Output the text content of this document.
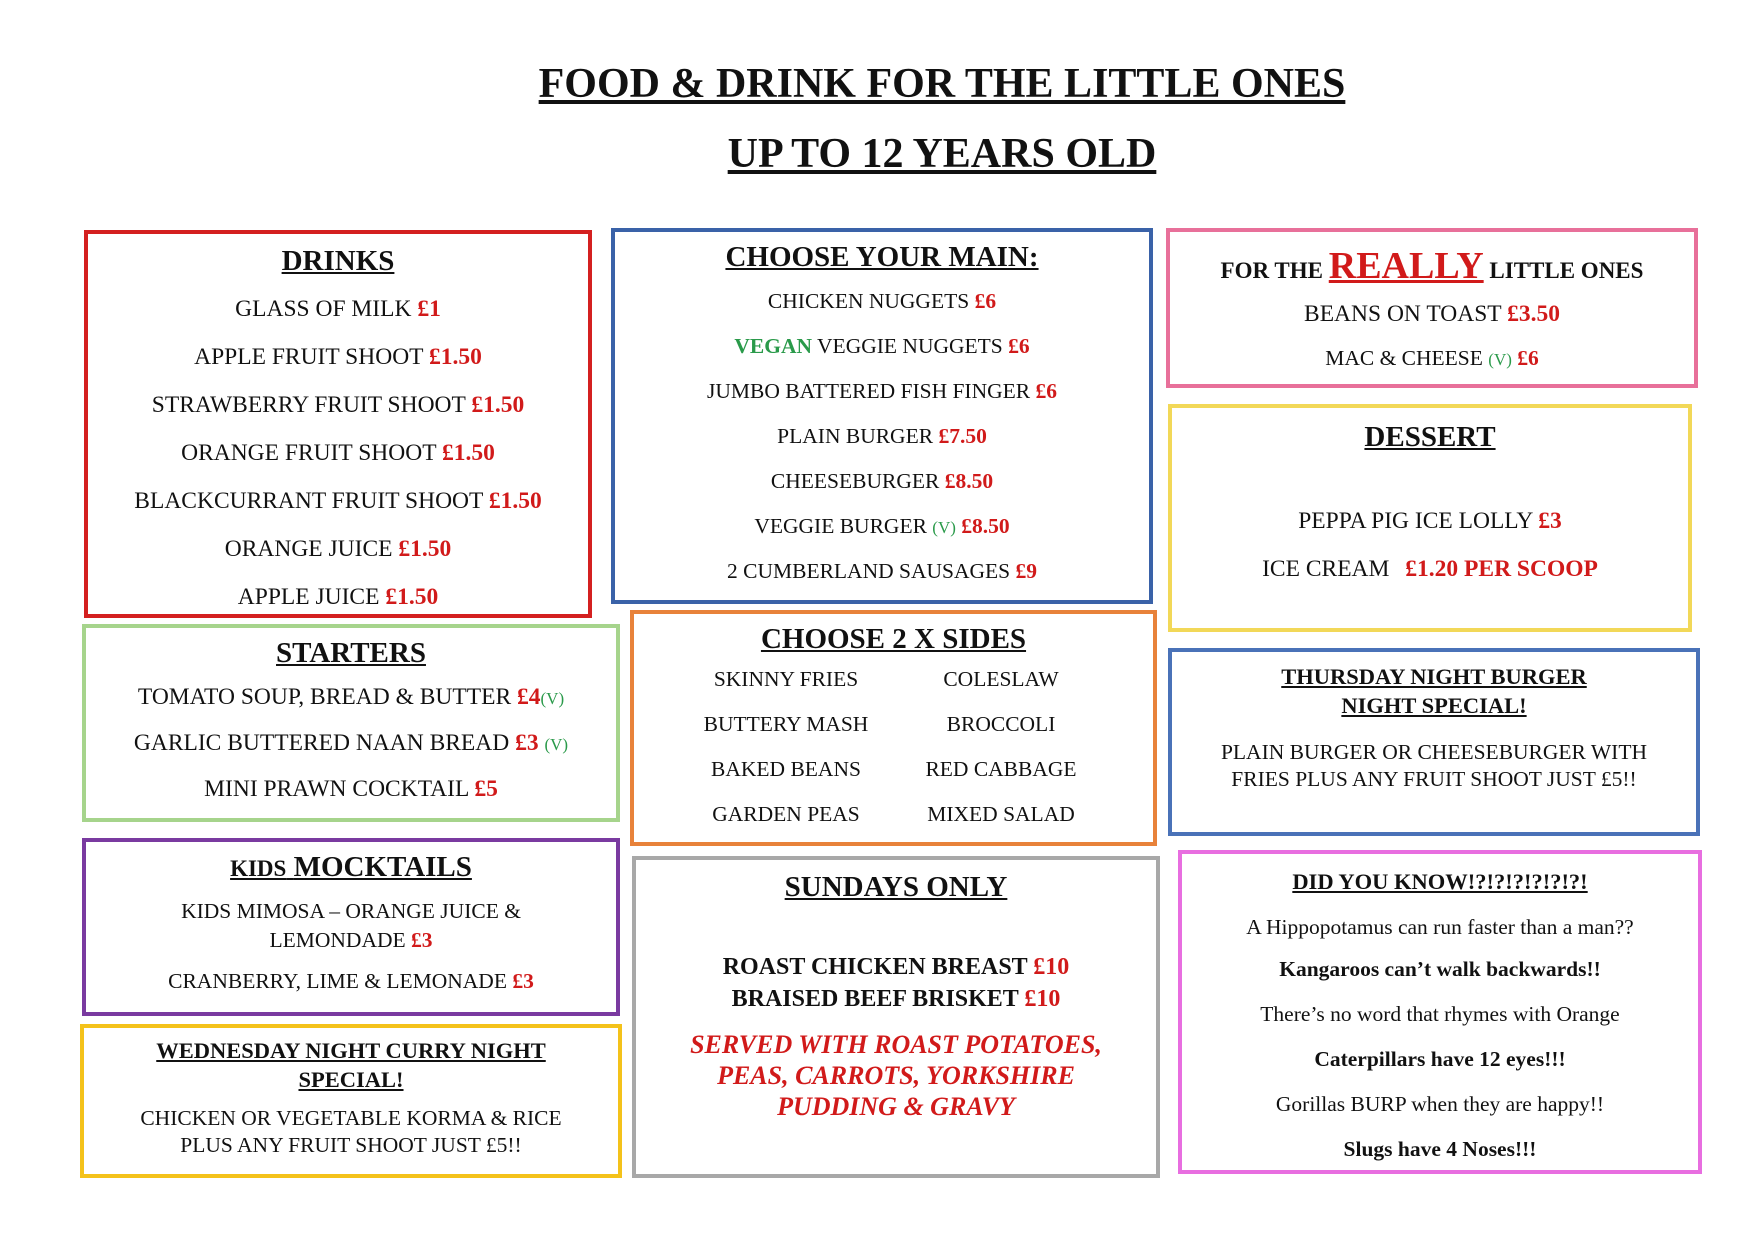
FOOD & DRINK FOR THE LITTLE ONES
UP TO 12 YEARS OLD
DRINKS
GLASS OF MILK £1
APPLE FRUIT SHOOT £1.50
STRAWBERRY FRUIT SHOOT £1.50
ORANGE FRUIT SHOOT £1.50
BLACKCURRANT FRUIT SHOOT £1.50
ORANGE JUICE £1.50
APPLE JUICE £1.50
CHOOSE YOUR MAIN:
CHICKEN NUGGETS £6
VEGAN VEGGIE NUGGETS £6
JUMBO BATTERED FISH FINGER £6
PLAIN BURGER £7.50
CHEESEBURGER £8.50
VEGGIE BURGER (V) £8.50
2 CUMBERLAND SAUSAGES £9
FOR THE REALLY LITTLE ONES
BEANS ON TOAST £3.50
MAC & CHEESE (V) £6
DESSERT
PEPPA PIG ICE LOLLY £3
ICE CREAM £1.20 PER SCOOP
STARTERS
TOMATO SOUP, BREAD & BUTTER £4(V)
GARLIC BUTTERED NAAN BREAD £3 (V)
MINI PRAWN COCKTAIL £5
CHOOSE 2 X SIDES
SKINNY FRIES	COLESLAW
BUTTERY MASH	BROCCOLI
BAKED BEANS	RED CABBAGE
GARDEN PEAS	MIXED SALAD
THURSDAY NIGHT BURGER NIGHT SPECIAL!
PLAIN BURGER OR CHEESEBURGER WITH FRIES PLUS ANY FRUIT SHOOT JUST £5!!
KIDS MOCKTAILS
KIDS MIMOSA – ORANGE JUICE & LEMONDADE £3
CRANBERRY, LIME & LEMONADE £3
SUNDAYS ONLY
ROAST CHICKEN BREAST £10
BRAISED BEEF BRISKET £10
SERVED WITH ROAST POTATOES, PEAS, CARROTS, YORKSHIRE PUDDING & GRAVY
WEDNESDAY NIGHT CURRY NIGHT SPECIAL!
CHICKEN OR VEGETABLE KORMA & RICE PLUS ANY FRUIT SHOOT JUST £5!!
DID YOU KNOW!?!?!?!?!?!?!
A Hippopotamus can run faster than a man??
Kangaroos can’t walk backwards!!
There’s no word that rhymes with Orange
Caterpillars have 12 eyes!!!
Gorillas BURP when they are happy!!
Slugs have 4 Noses!!!
